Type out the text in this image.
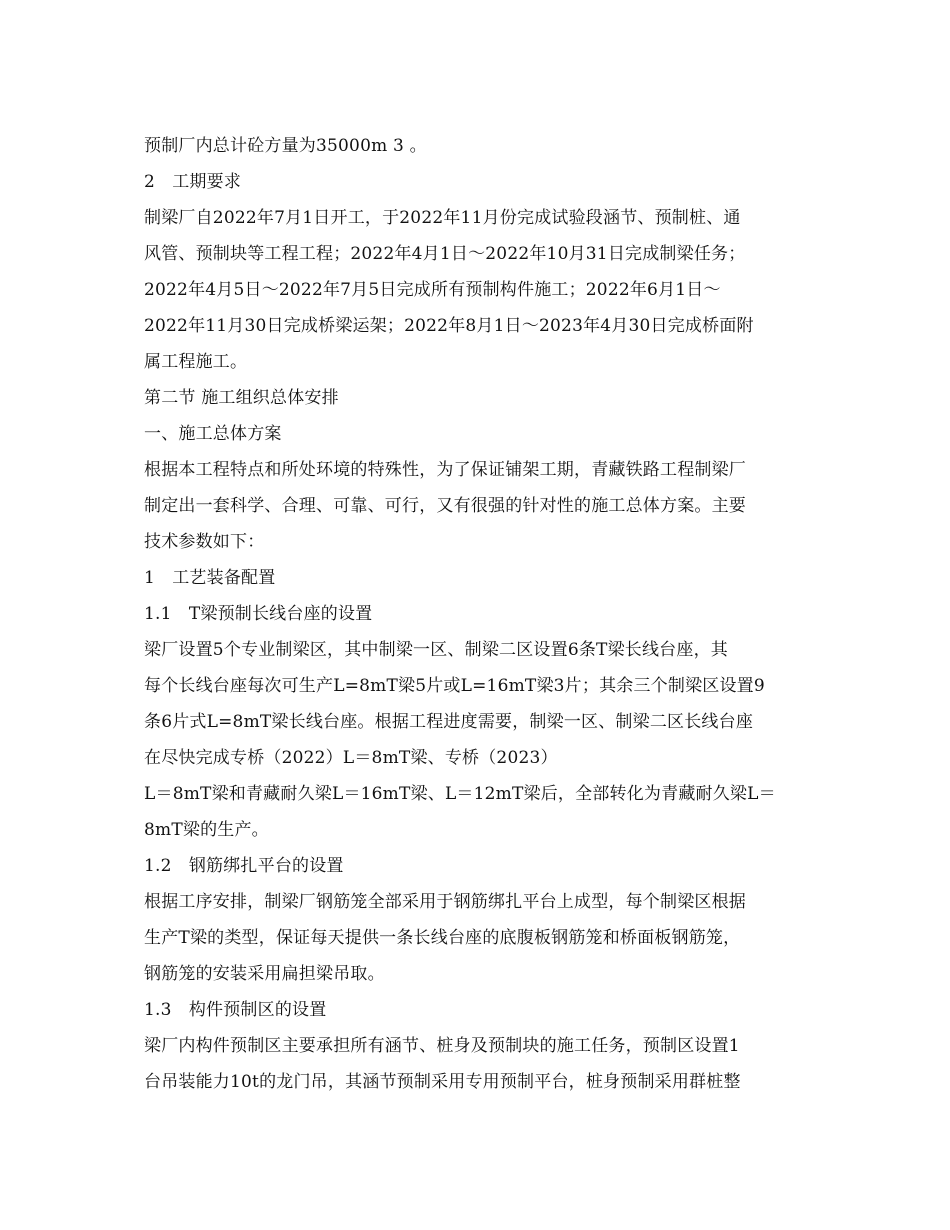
预制厂内总计砼方量为35000m 3 。
2　工期要求
制梁厂自2022年7月1日开工，于2022年11月份完成试验段涵节、预制桩、通
风管、预制块等工程工程；2022年4月1日～2022年10月31日完成制梁任务；
2022年4月5日～2022年7月5日完成所有预制构件施工；2022年6月1日～
2022年11月30日完成桥梁运架；2022年8月1日～2023年4月30日完成桥面附
属工程施工。
第二节 施工组织总体安排
一、施工总体方案
根据本工程特点和所处环境的特殊性，为了保证铺架工期，青藏铁路工程制梁厂
制定出一套科学、合理、可靠、可行，又有很强的针对性的施工总体方案。主要
技术参数如下：
1　工艺装备配置
1.1　T梁预制长线台座的设置
梁厂设置5个专业制梁区，其中制梁一区、制梁二区设置6条T梁长线台座，其
每个长线台座每次可生产L=8mT梁5片或L=16mT梁3片；其余三个制梁区设置9
条6片式L=8mT梁长线台座。根据工程进度需要，制梁一区、制梁二区长线台座
在尽快完成专桥（2022）L＝8mT梁、专桥（2023）
L＝8mT梁和青藏耐久梁L＝16mT梁、L＝12mT梁后，全部转化为青藏耐久梁L＝
8mT梁的生产。
1.2　钢筋绑扎平台的设置
根据工序安排，制梁厂钢筋笼全部采用于钢筋绑扎平台上成型，每个制梁区根据
生产T梁的类型，保证每天提供一条长线台座的底腹板钢筋笼和桥面板钢筋笼，
钢筋笼的安装采用扁担梁吊取。
1.3　构件预制区的设置
梁厂内构件预制区主要承担所有涵节、桩身及预制块的施工任务，预制区设置1
台吊装能力10t的龙门吊，其涵节预制采用专用预制平台，桩身预制采用群桩整
